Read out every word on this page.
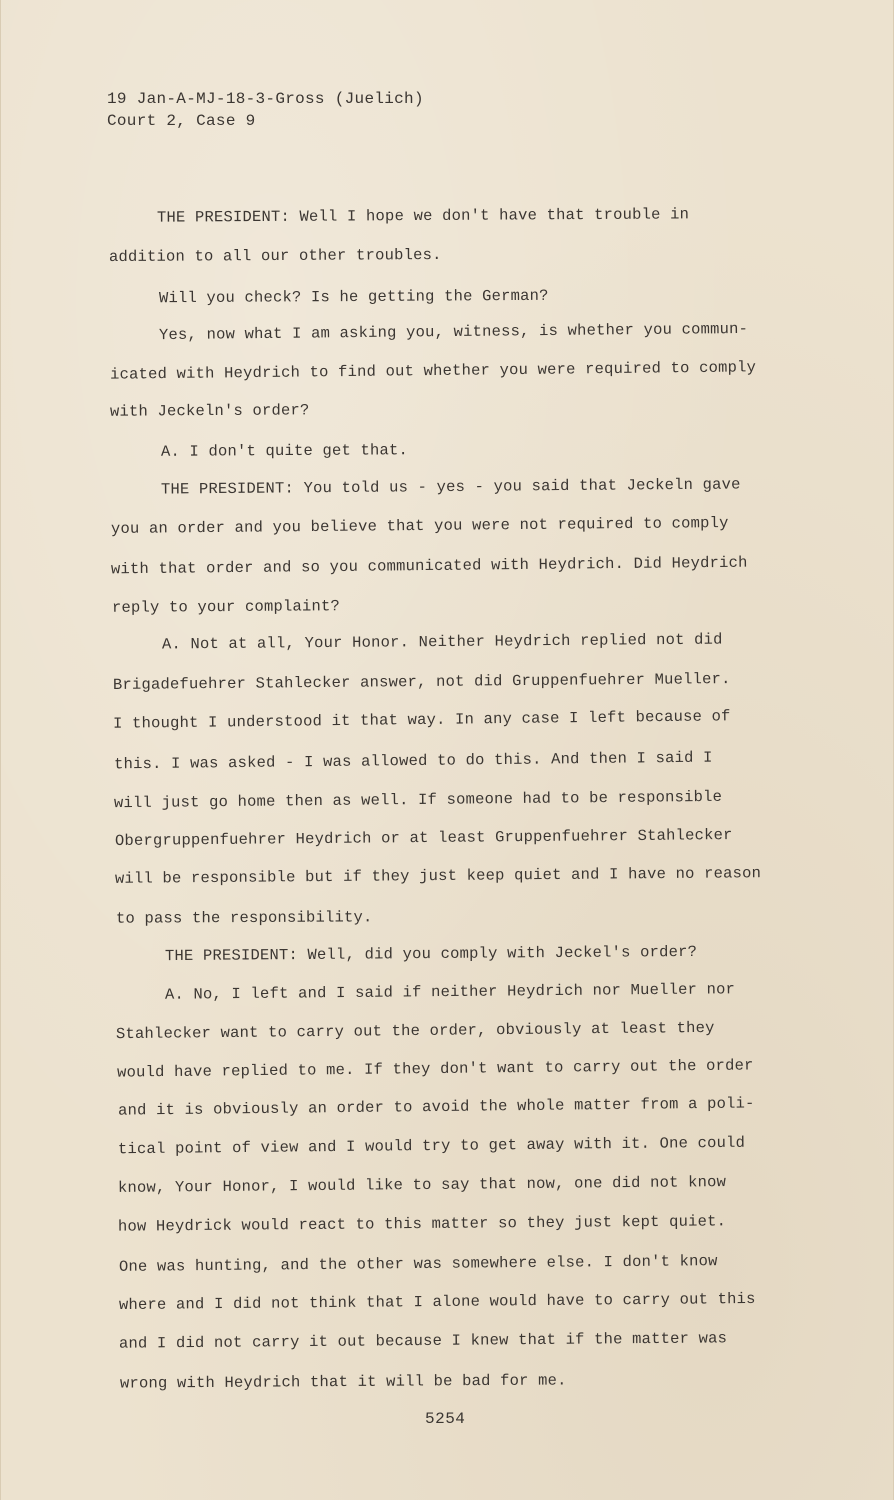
19 Jan-A-MJ-18-3-Gross (Juelich)
Court 2, Case 9
THE PRESIDENT: Well I hope we don't have that trouble in
addition to all our other troubles.
Will you check? Is he getting the German?
Yes, now what I am asking you, witness, is whether you commun-
icated with Heydrich to find out whether you were required to comply
with Jeckeln's order?
A. I don't quite get that.
THE PRESIDENT: You told us - yes - you said that Jeckeln gave
you an order and you believe that you were not required to comply
with that order and so you communicated with Heydrich. Did Heydrich
reply to your complaint?
A. Not at all, Your Honor. Neither Heydrich replied not did
Brigadefuehrer Stahlecker answer, not did Gruppenfuehrer Mueller.
I thought I understood it that way. In any case I left because of
this. I was asked - I was allowed to do this. And then I said I
will just go home then as well. If someone had to be responsible
Obergruppenfuehrer Heydrich or at least Gruppenfuehrer Stahlecker
will be responsible but if they just keep quiet and I have no reason
to pass the responsibility.
THE PRESIDENT: Well, did you comply with Jeckel's order?
A. No, I left and I said if neither Heydrich nor Mueller nor
Stahlecker want to carry out the order, obviously at least they
would have replied to me. If they don't want to carry out the order
and it is obviously an order to avoid the whole matter from a poli-
tical point of view and I would try to get away with it. One could
know, Your Honor, I would like to say that now, one did not know
how Heydrick would react to this matter so they just kept quiet.
One was hunting, and the other was somewhere else. I don't know
where and I did not think that I alone would have to carry out this
and I did not carry it out because I knew that if the matter was
wrong with Heydrich that it will be bad for me.
5254
